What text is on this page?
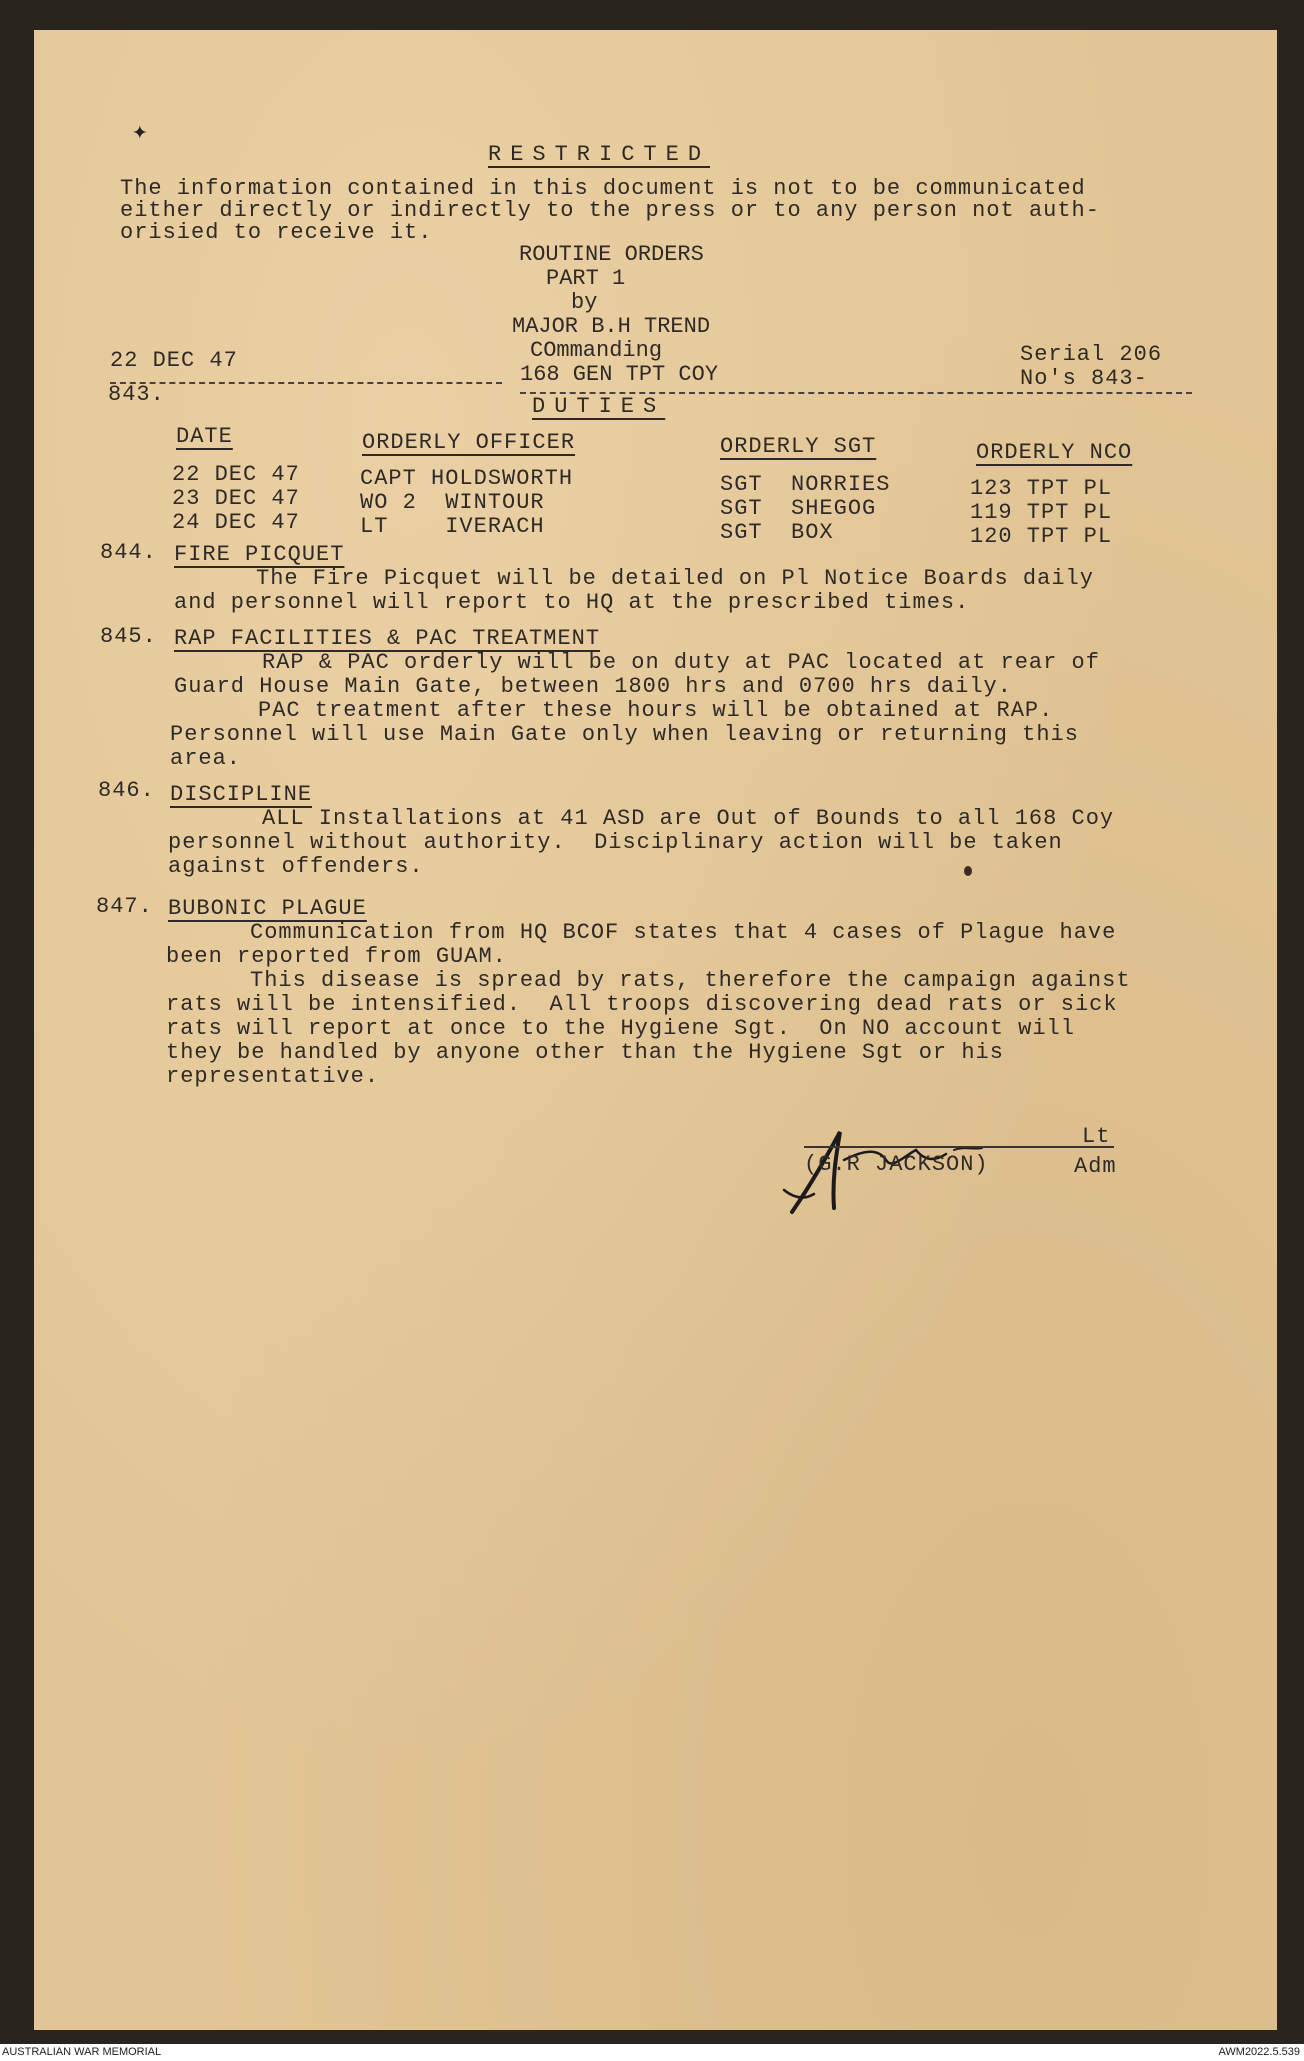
✦
RESTRICTED
The information contained in this document is not to be communicated
either directly or indirectly to the press or to any person not auth-
orisied to receive it.
ROUTINE ORDERS
PART 1
by
MAJOR B.H TREND
COmmanding
168 GEN TPT COY
22 DEC 47	Serial 206
No's 843-
843.	DUTIES
DATE	ORDERLY OFFICER	ORDERLY SGT	ORDERLY NCO
22 DEC 47	CAPT HOLDSWORTH	SGT  NORRIES	123 TPT PL
23 DEC 47	WO 2  WINTOUR	SGT  SHEGOG	119 TPT PL
24 DEC 47	LT    IVERACH	SGT  BOX	120 TPT PL
844. FIRE PICQUET
The Fire Picquet will be detailed on Pl Notice Boards daily
and personnel will report to HQ at the prescribed times.
845. RAP FACILITIES & PAC TREATMENT
RAP & PAC orderly will be on duty at PAC located at rear of
Guard House Main Gate, between 1800 hrs and 0700 hrs daily.
PAC treatment after these hours will be obtained at RAP.
Personnel will use Main Gate only when leaving or returning this
area.
846. DISCIPLINE
ALL Installations at 41 ASD are Out of Bounds to all 168 Coy
personnel without authority.  Disciplinary action will be taken
against offenders.
847. BUBONIC PLAGUE
Communication from HQ BCOF states that 4 cases of Plague have
been reported from GUAM.
This disease is spread by rats, therefore the campaign against
rats will be intensified.  All troops discovering dead rats or sick
rats will report at once to the Hygiene Sgt.  On NO account will
they be handled by anyone other than the Hygiene Sgt or his
representative.
Lt
(G.R JACKSON)	Adm
AUSTRALIAN WAR MEMORIAL	AWM2022.5.539
